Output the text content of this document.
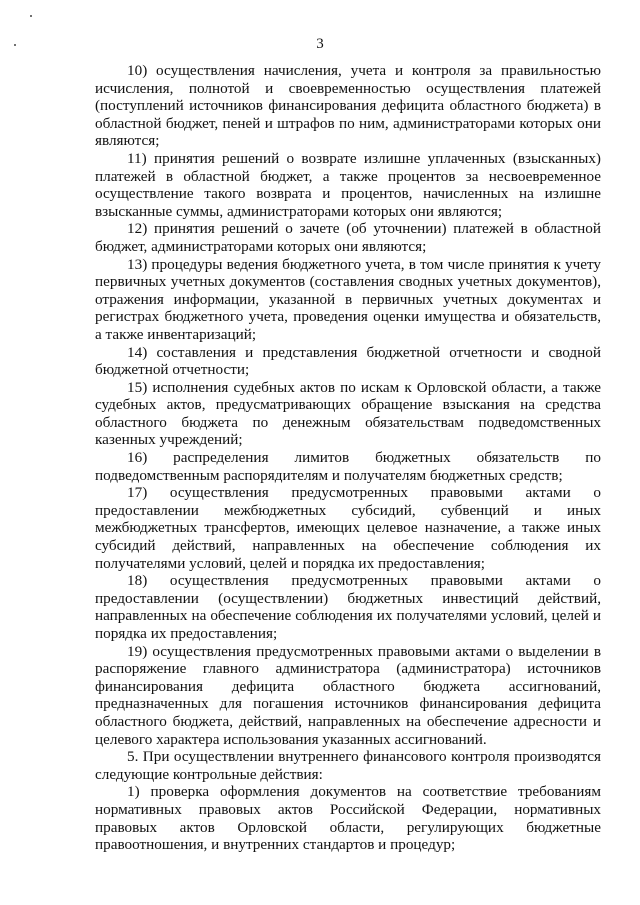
3
10) осуществления начисления, учета и контроля за правильностью
исчисления, полнотой и своевременностью осуществления платежей
(поступлений источников финансирования дефицита областного бюджета) в
областной бюджет, пеней и штрафов по ним, администраторами которых они
являются;
11) принятия решений о возврате излишне уплаченных (взысканных)
платежей в областной бюджет, а также процентов за несвоевременное
осуществление такого возврата и процентов, начисленных на излишне
взысканные суммы, администраторами которых они являются;
12) принятия решений о зачете (об уточнении) платежей в областной
бюджет, администраторами которых они являются;
13) процедуры ведения бюджетного учета, в том числе принятия к учету
первичных учетных документов (составления сводных учетных документов),
отражения информации, указанной в первичных учетных документах и
регистрах бюджетного учета, проведения оценки имущества и обязательств,
а также инвентаризаций;
14) составления и представления бюджетной отчетности и сводной
бюджетной отчетности;
15) исполнения судебных актов по искам к Орловской области, а также
судебных актов, предусматривающих обращение взыскания на средства
областного бюджета по денежным обязательствам подведомственных
казенных учреждений;
16) распределения лимитов бюджетных обязательств по
подведомственным распорядителям и получателям бюджетных средств;
17) осуществления предусмотренных правовыми актами о
предоставлении межбюджетных субсидий, субвенций и иных
межбюджетных трансфертов, имеющих целевое назначение, а также иных
субсидий действий, направленных на обеспечение соблюдения их
получателями условий, целей и порядка их предоставления;
18) осуществления предусмотренных правовыми актами о
предоставлении (осуществлении) бюджетных инвестиций действий,
направленных на обеспечение соблюдения их получателями условий, целей и
порядка их предоставления;
19) осуществления предусмотренных правовыми актами о выделении в
распоряжение главного администратора (администратора) источников
финансирования дефицита областного бюджета ассигнований,
предназначенных для погашения источников финансирования дефицита
областного бюджета, действий, направленных на обеспечение адресности и
целевого характера использования указанных ассигнований.
5. При осуществлении внутреннего финансового контроля производятся
следующие контрольные действия:
1) проверка оформления документов на соответствие требованиям
нормативных правовых актов Российской Федерации, нормативных
правовых актов Орловской области, регулирующих бюджетные
правоотношения, и внутренних стандартов и процедур;
